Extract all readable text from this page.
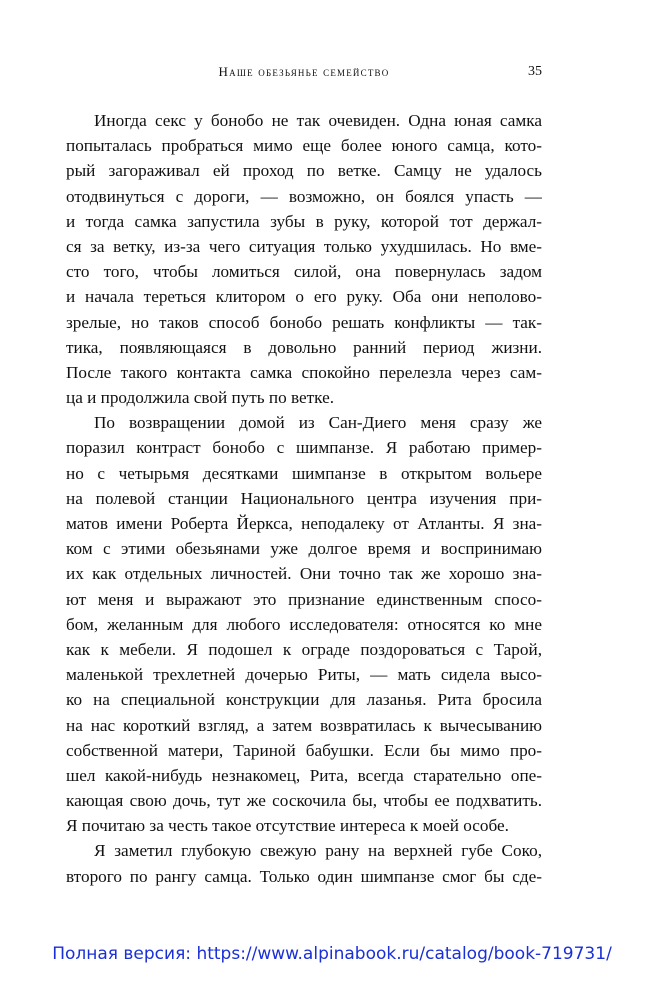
Наше обезьянье семейство	35

Иногда секс у бонобо не так очевиден. Одна юная самка
попыталась пробраться мимо еще более юного самца, кото-
рый загораживал ей проход по ветке. Самцу не удалось
отодвинуться с дороги, — возможно, он боялся упасть —
и тогда самка запустила зубы в руку, которой тот держал-
ся за ветку, из-за чего ситуация только ухудшилась. Но вме-
сто того, чтобы ломиться силой, она повернулась задом
и начала тереться клитором о его руку. Оба они неполово-
зрелые, но таков способ бонобо решать конфликты — так-
тика, появляющаяся в довольно ранний период жизни.
После такого контакта самка спокойно перелезла через сам-
ца и продолжила свой путь по ветке.

По возвращении домой из Сан-Диего меня сразу же
поразил контраст бонобо с шимпанзе. Я работаю пример-
но с четырьмя десятками шимпанзе в открытом вольере
на полевой станции Национального центра изучения при-
матов имени Роберта Йеркса, неподалеку от Атланты. Я зна-
ком с этими обезьянами уже долгое время и воспринимаю
их как отдельных личностей. Они точно так же хорошо зна-
ют меня и выражают это признание единственным спосо-
бом, желанным для любого исследователя: относятся ко мне
как к мебели. Я подошел к ограде поздороваться с Тарой,
маленькой трехлетней дочерью Риты, — мать сидела высо-
ко на специальной конструкции для лазанья. Рита бросила
на нас короткий взгляд, а затем возвратилась к вычесыванию
собственной матери, Тариной бабушки. Если бы мимо про-
шел какой-нибудь незнакомец, Рита, всегда старательно опе-
кающая свою дочь, тут же соскочила бы, чтобы ее подхватить.
Я почитаю за честь такое отсутствие интереса к моей особе.

Я заметил глубокую свежую рану на верхней губе Соко,
второго по рангу самца. Только один шимпанзе смог бы сде-

Полная версия: https://www.alpinabook.ru/catalog/book-719731/
